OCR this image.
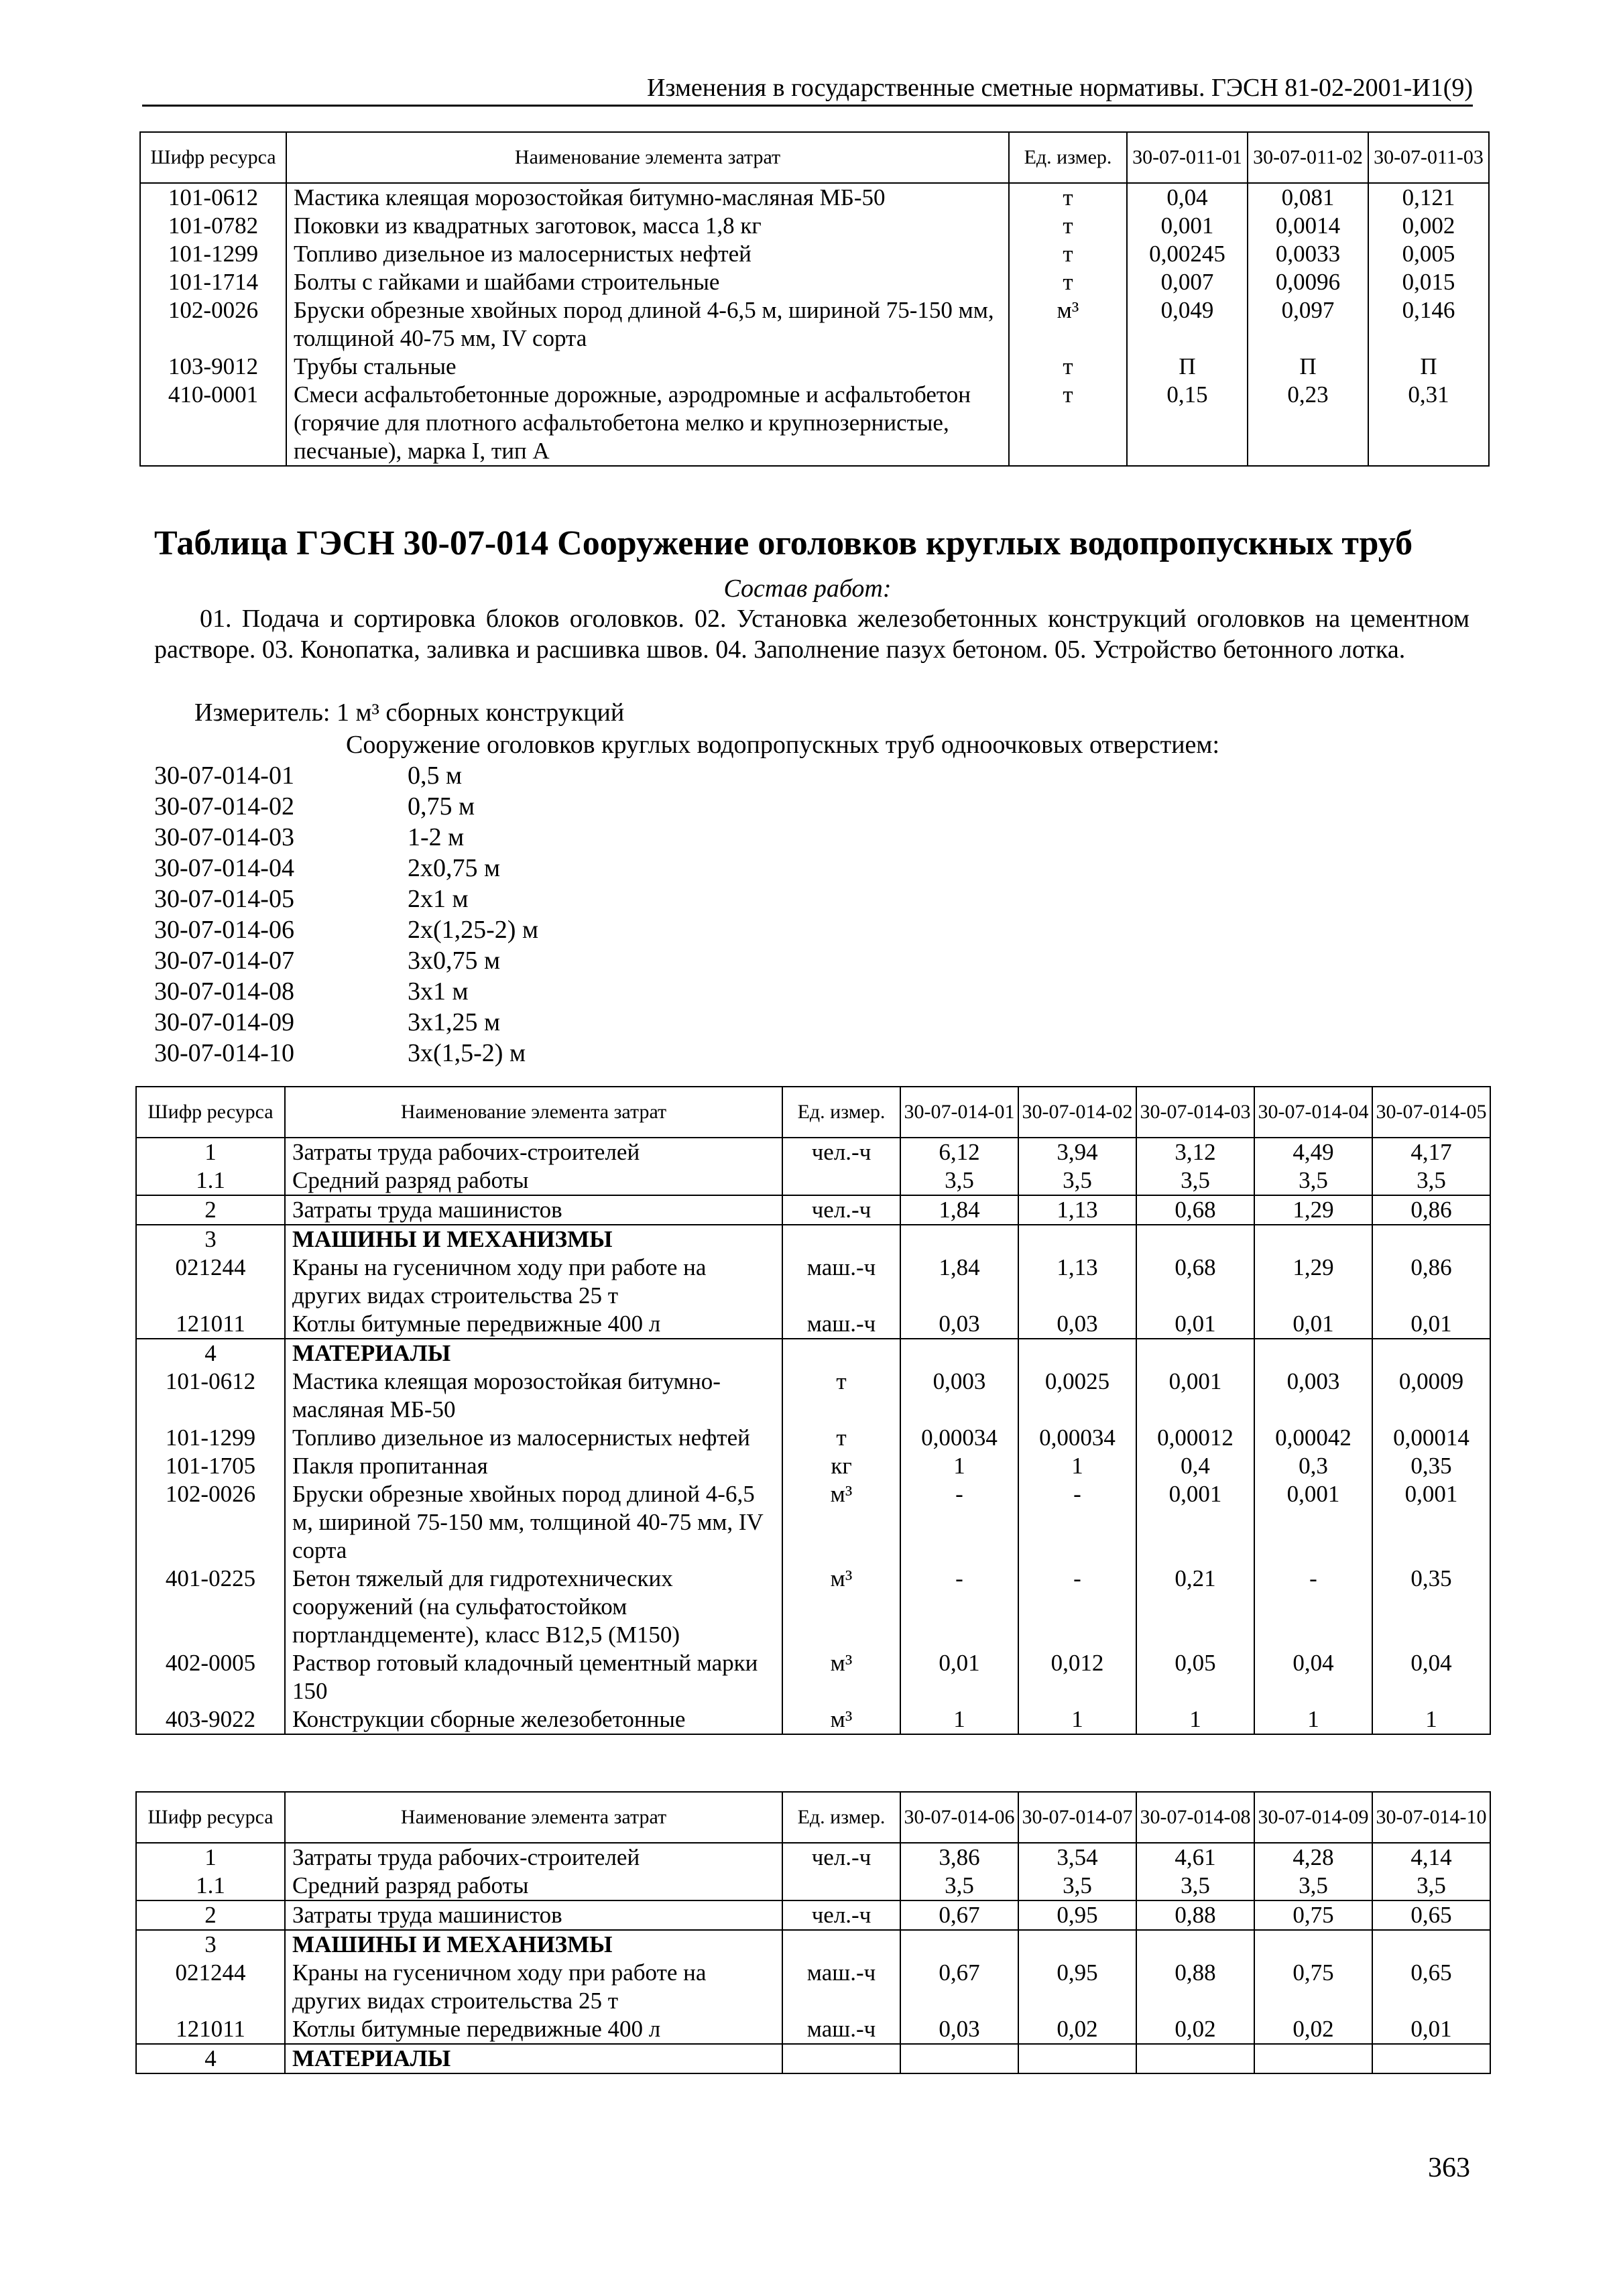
Изменения в государственные сметные нормативы. ГЭСН 81-02-2001-И1(9)
Шифр ресурса	Наименование элемента затрат	Ед. измер.	30-07-011-01	30-07-011-02	30-07-011-03
101-0612	Мастика клеящая морозостойкая битумно-масляная МБ-50	т	0,04	0,081	0,121
101-0782	Поковки из квадратных заготовок, масса 1,8 кг	т	0,001	0,0014	0,002
101-1299	Топливо дизельное из малосернистых нефтей	т	0,00245	0,0033	0,005
101-1714	Болты с гайками и шайбами строительные	т	0,007	0,0096	0,015
102-0026	Бруски обрезные хвойных пород длиной 4-6,5 м, шириной 75-150 мм, толщиной 40-75 мм, IV сорта	м³	0,049	0,097	0,146
103-9012	Трубы стальные	т	П	П	П
410-0001	Смеси асфальтобетонные дорожные, аэродромные и асфальтобетон (горячие для плотного асфальтобетона мелко и крупнозернистые, песчаные), марка I, тип А	т	0,15	0,23	0,31
Таблица ГЭСН 30-07-014 Сооружение оголовков круглых водопропускных труб
Состав работ:
01. Подача и сортировка блоков оголовков. 02. Установка железобетонных конструкций оголовков на цементном растворе. 03. Конопатка, заливка и расшивка швов. 04. Заполнение пазух бетоном. 05. Устройство бетонного лотка.
Измеритель: 1 м³ сборных конструкций
Сооружение оголовков круглых водопропускных труб одноочковых отверстием:
30-07-014-01	0,5 м
30-07-014-02	0,75 м
30-07-014-03	1-2 м
30-07-014-04	2х0,75 м
30-07-014-05	2х1 м
30-07-014-06	2х(1,25-2) м
30-07-014-07	3х0,75 м
30-07-014-08	3х1 м
30-07-014-09	3х1,25 м
30-07-014-10	3х(1,5-2) м
Шифр ресурса	Наименование элемента затрат	Ед. измер.	30-07-014-01	30-07-014-02	30-07-014-03	30-07-014-04	30-07-014-05
1	Затраты труда рабочих-строителей	чел.-ч	6,12	3,94	3,12	4,49	4,17
1.1	Средний разряд работы		3,5	3,5	3,5	3,5	3,5
2	Затраты труда машинистов	чел.-ч	1,84	1,13	0,68	1,29	0,86
3	МАШИНЫ И МЕХАНИЗМЫ						
021244	Краны на гусеничном ходу при работе на других видах строительства 25 т	маш.-ч	1,84	1,13	0,68	1,29	0,86
121011	Котлы битумные передвижные 400 л	маш.-ч	0,03	0,03	0,01	0,01	0,01
4	МАТЕРИАЛЫ						
101-0612	Мастика клеящая морозостойкая битумно-масляная МБ-50	т	0,003	0,0025	0,001	0,003	0,0009
101-1299	Топливо дизельное из малосернистых нефтей	т	0,00034	0,00034	0,00012	0,00042	0,00014
101-1705	Пакля пропитанная	кг	1	1	0,4	0,3	0,35
102-0026	Бруски обрезные хвойных пород длиной 4-6,5 м, шириной 75-150 мм, толщиной 40-75 мм, IV сорта	м³	-	-	0,001	0,001	0,001
401-0225	Бетон тяжелый для гидротехнических сооружений (на сульфатостойком портландцементе), класс В12,5 (М150)	м³	-	-	0,21	-	0,35
402-0005	Раствор готовый кладочный цементный марки 150	м³	0,01	0,012	0,05	0,04	0,04
403-9022	Конструкции сборные железобетонные	м³	1	1	1	1	1
Шифр ресурса	Наименование элемента затрат	Ед. измер.	30-07-014-06	30-07-014-07	30-07-014-08	30-07-014-09	30-07-014-10
1	Затраты труда рабочих-строителей	чел.-ч	3,86	3,54	4,61	4,28	4,14
1.1	Средний разряд работы		3,5	3,5	3,5	3,5	3,5
2	Затраты труда машинистов	чел.-ч	0,67	0,95	0,88	0,75	0,65
3	МАШИНЫ И МЕХАНИЗМЫ						
021244	Краны на гусеничном ходу при работе на других видах строительства 25 т	маш.-ч	0,67	0,95	0,88	0,75	0,65
121011	Котлы битумные передвижные 400 л	маш.-ч	0,03	0,02	0,02	0,02	0,01
4	МАТЕРИАЛЫ						
363
